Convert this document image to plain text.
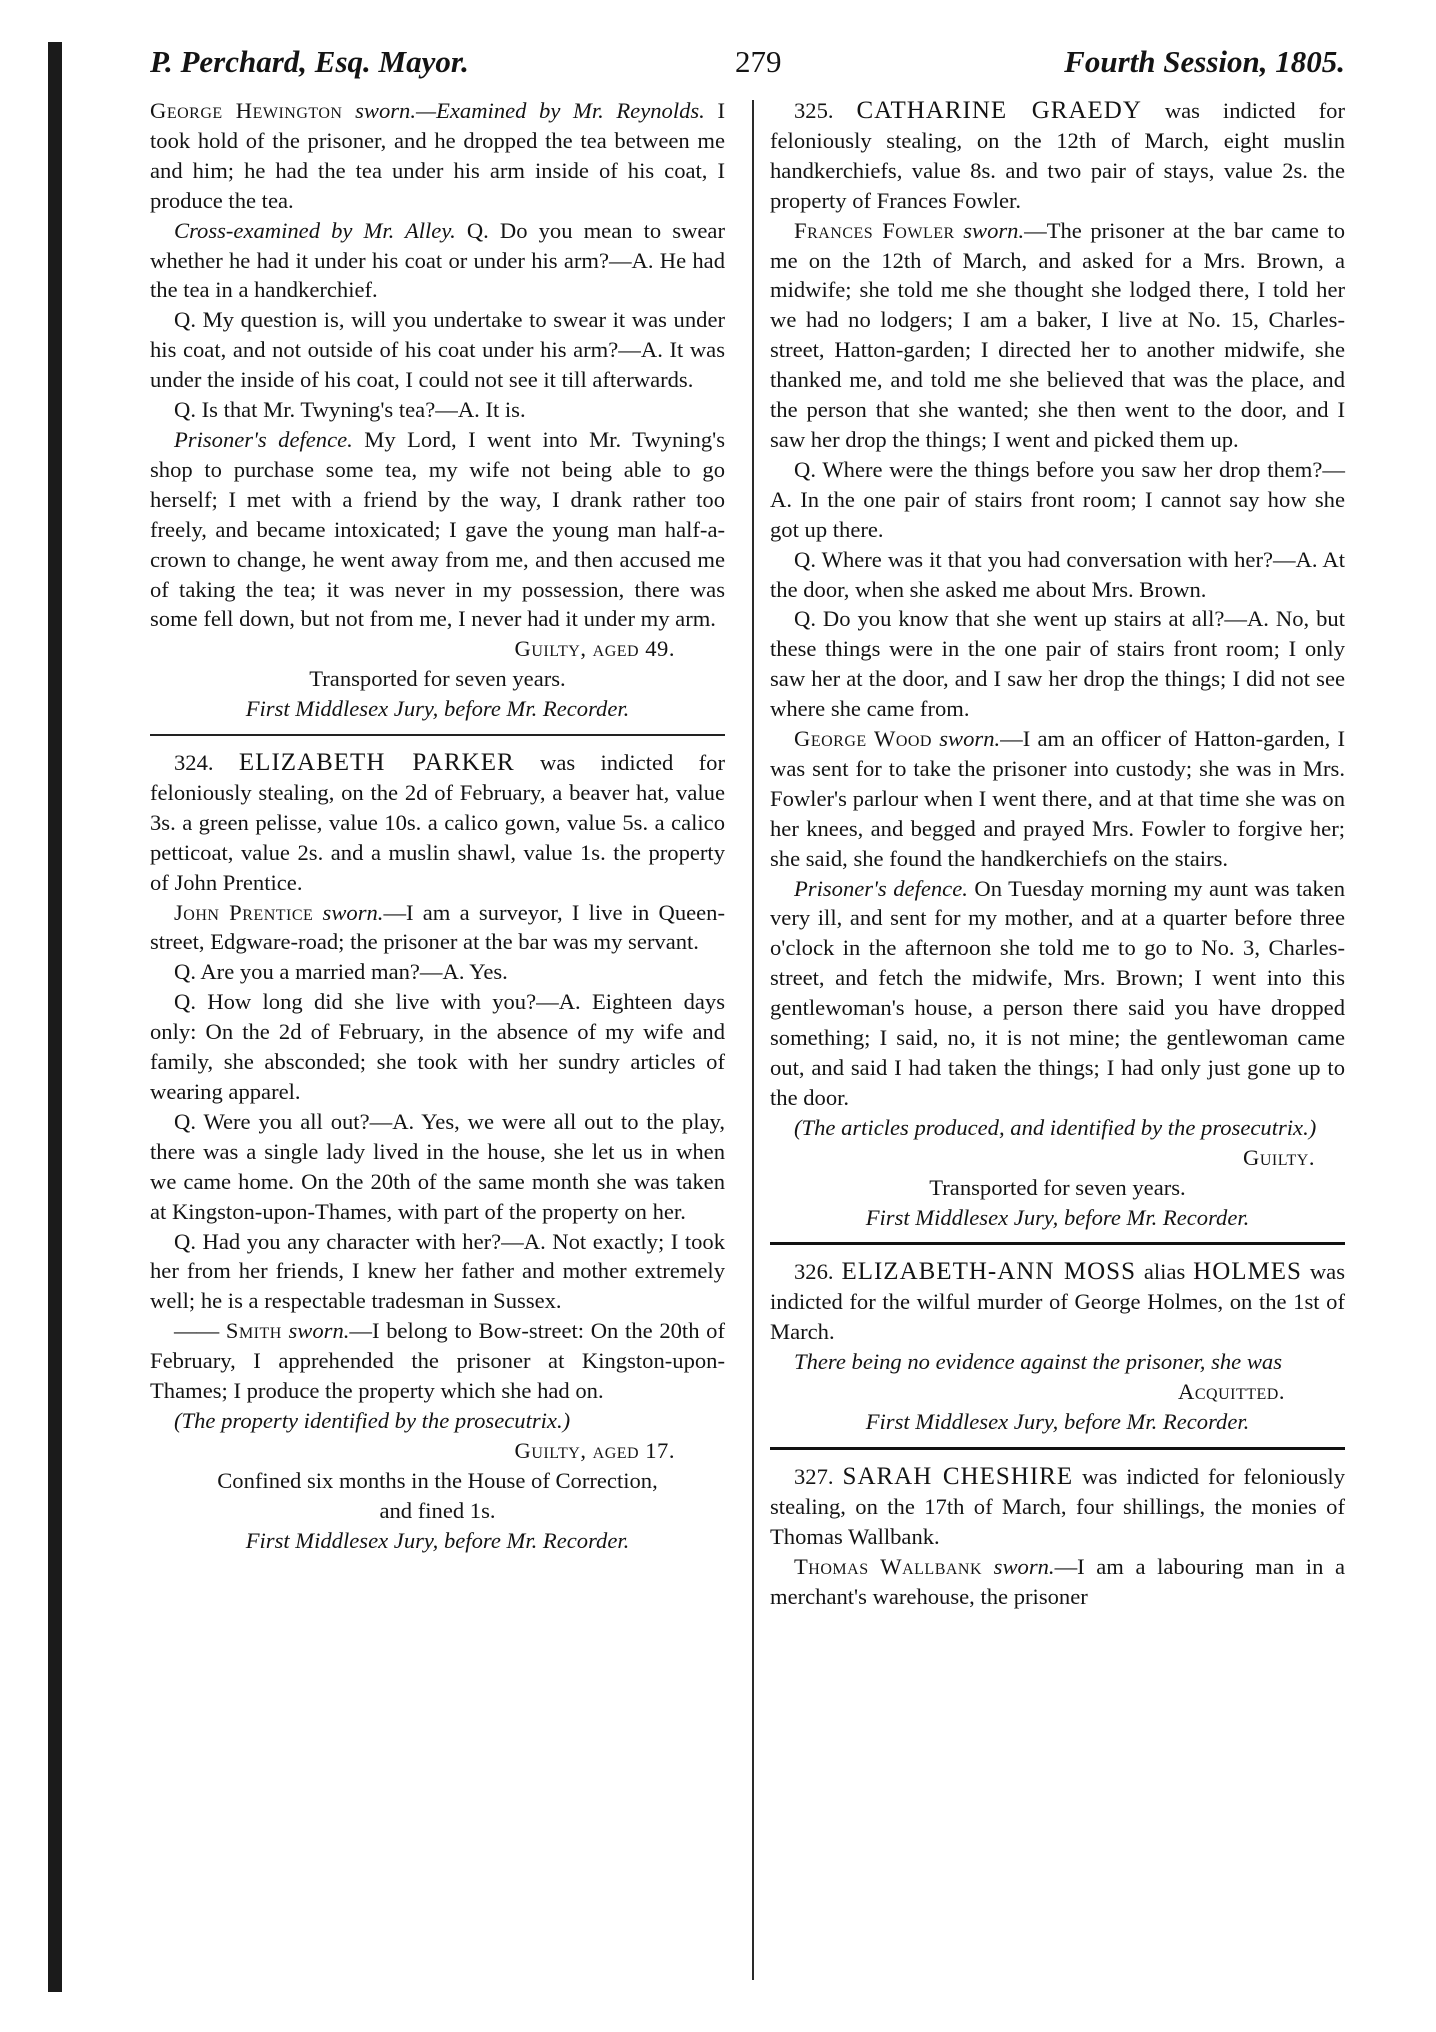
P. Perchard, Esq. Mayor.	279	Fourth Session, 1805.

George Hewington sworn.—Examined by Mr. Reynolds. I took hold of the prisoner, and he dropped the tea between me and him; he had the tea under his arm inside of his coat, I produce the tea.

Cross-examined by Mr. Alley. Q. Do you mean to swear whether he had it under his coat or under his arm?—A. He had the tea in a handkerchief.

Q. My question is, will you undertake to swear it was under his coat, and not outside of his coat under his arm?—A. It was under the inside of his coat, I could not see it till afterwards.

Q. Is that Mr. Twyning's tea?—A. It is.

Prisoner's defence. My Lord, I went into Mr. Twyning's shop to purchase some tea, my wife not being able to go herself; I met with a friend by the way, I drank rather too freely, and became intoxicated; I gave the young man half-a-crown to change, he went away from me, and then accused me of taking the tea; it was never in my possession, there was some fell down, but not from me, I never had it under my arm.

Guilty, aged 49.

Transported for seven years.

First Middlesex Jury, before Mr. Recorder.

324. ELIZABETH PARKER was indicted for feloniously stealing, on the 2d of February, a beaver hat, value 3s. a green pelisse, value 10s. a calico gown, value 5s. a calico petticoat, value 2s. and a muslin shawl, value 1s. the property of John Prentice.

John Prentice sworn.—I am a surveyor, I live in Queen-street, Edgware-road; the prisoner at the bar was my servant.

Q. Are you a married man?—A. Yes.

Q. How long did she live with you?—A. Eighteen days only: On the 2d of February, in the absence of my wife and family, she absconded; she took with her sundry articles of wearing apparel.

Q. Were you all out?—A. Yes, we were all out to the play, there was a single lady lived in the house, she let us in when we came home. On the 20th of the same month she was taken at Kingston-upon-Thames, with part of the property on her.

Q. Had you any character with her?—A. Not exactly; I took her from her friends, I knew her father and mother extremely well; he is a respectable tradesman in Sussex.

—— Smith sworn.—I belong to Bow-street: On the 20th of February, I apprehended the prisoner at Kingston-upon-Thames; I produce the property which she had on.

(The property identified by the prosecutrix.)

Guilty, aged 17.

Confined six months in the House of Correction,

and fined 1s.

First Middlesex Jury, before Mr. Recorder.

325. CATHARINE GRAEDY was indicted for feloniously stealing, on the 12th of March, eight muslin handkerchiefs, value 8s. and two pair of stays, value 2s. the property of Frances Fowler.

Frances Fowler sworn.—The prisoner at the bar came to me on the 12th of March, and asked for a Mrs. Brown, a midwife; she told me she thought she lodged there, I told her we had no lodgers; I am a baker, I live at No. 15, Charles-street, Hatton-garden; I directed her to another midwife, she thanked me, and told me she believed that was the place, and the person that she wanted; she then went to the door, and I saw her drop the things; I went and picked them up.

Q. Where were the things before you saw her drop them?—A. In the one pair of stairs front room; I cannot say how she got up there.

Q. Where was it that you had conversation with her?—A. At the door, when she asked me about Mrs. Brown.

Q. Do you know that she went up stairs at all?—A. No, but these things were in the one pair of stairs front room; I only saw her at the door, and I saw her drop the things; I did not see where she came from.

George Wood sworn.—I am an officer of Hatton-garden, I was sent for to take the prisoner into custody; she was in Mrs. Fowler's parlour when I went there, and at that time she was on her knees, and begged and prayed Mrs. Fowler to forgive her; she said, she found the handkerchiefs on the stairs.

Prisoner's defence. On Tuesday morning my aunt was taken very ill, and sent for my mother, and at a quarter before three o'clock in the afternoon she told me to go to No. 3, Charles-street, and fetch the midwife, Mrs. Brown; I went into this gentlewoman's house, a person there said you have dropped something; I said, no, it is not mine; the gentlewoman came out, and said I had taken the things; I had only just gone up to the door.

(The articles produced, and identified by the prosecutrix.)

Guilty.

Transported for seven years.

First Middlesex Jury, before Mr. Recorder.

326. ELIZABETH-ANN MOSS alias HOLMES was indicted for the wilful murder of George Holmes, on the 1st of March.

There being no evidence against the prisoner, she was

Acquitted.

First Middlesex Jury, before Mr. Recorder.

327. SARAH CHESHIRE was indicted for feloniously stealing, on the 17th of March, four shillings, the monies of Thomas Wallbank.

Thomas Wallbank sworn.—I am a labouring man in a merchant's warehouse, the prisoner
